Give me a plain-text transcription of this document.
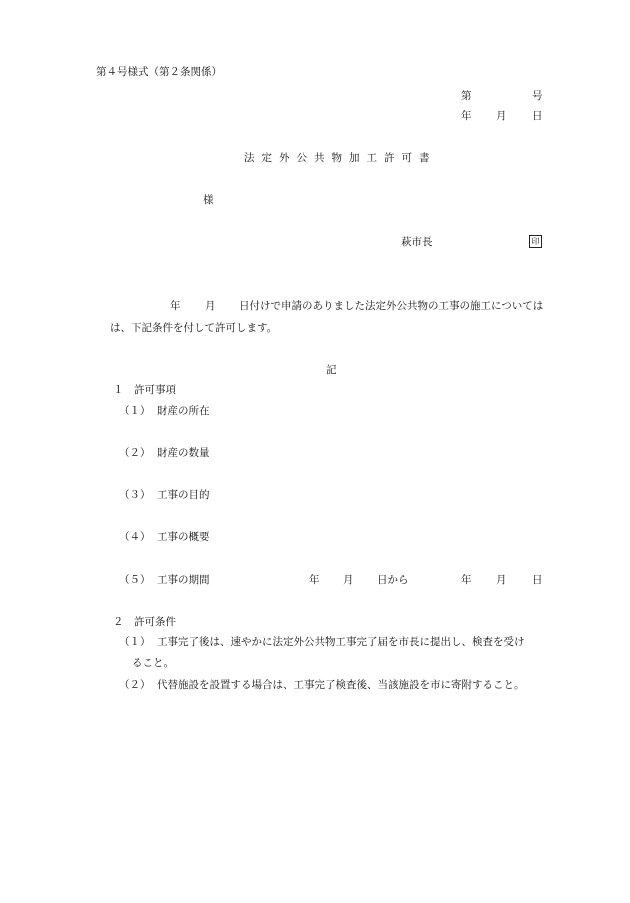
第４号様式（第２条関係）
第	号
年 月 日
法定外公共物加工許可書
様
萩市長	印
年 月 日付けで申請のありました法定外公共物の工事の施工については
は、下記条件を付して許可します。
記
１　許可事項
（１） 財産の所在
（２） 財産の数量
（３） 工事の目的
（４） 工事の概要
（５） 工事の期間	年 月 日から	年 月 日
２　許可条件
（１） 工事完了後は、速やかに法定外公共物工事完了届を市長に提出し、検査を受け
ること。
（２） 代替施設を設置する場合は、工事完了検査後、当該施設を市に寄附すること。
